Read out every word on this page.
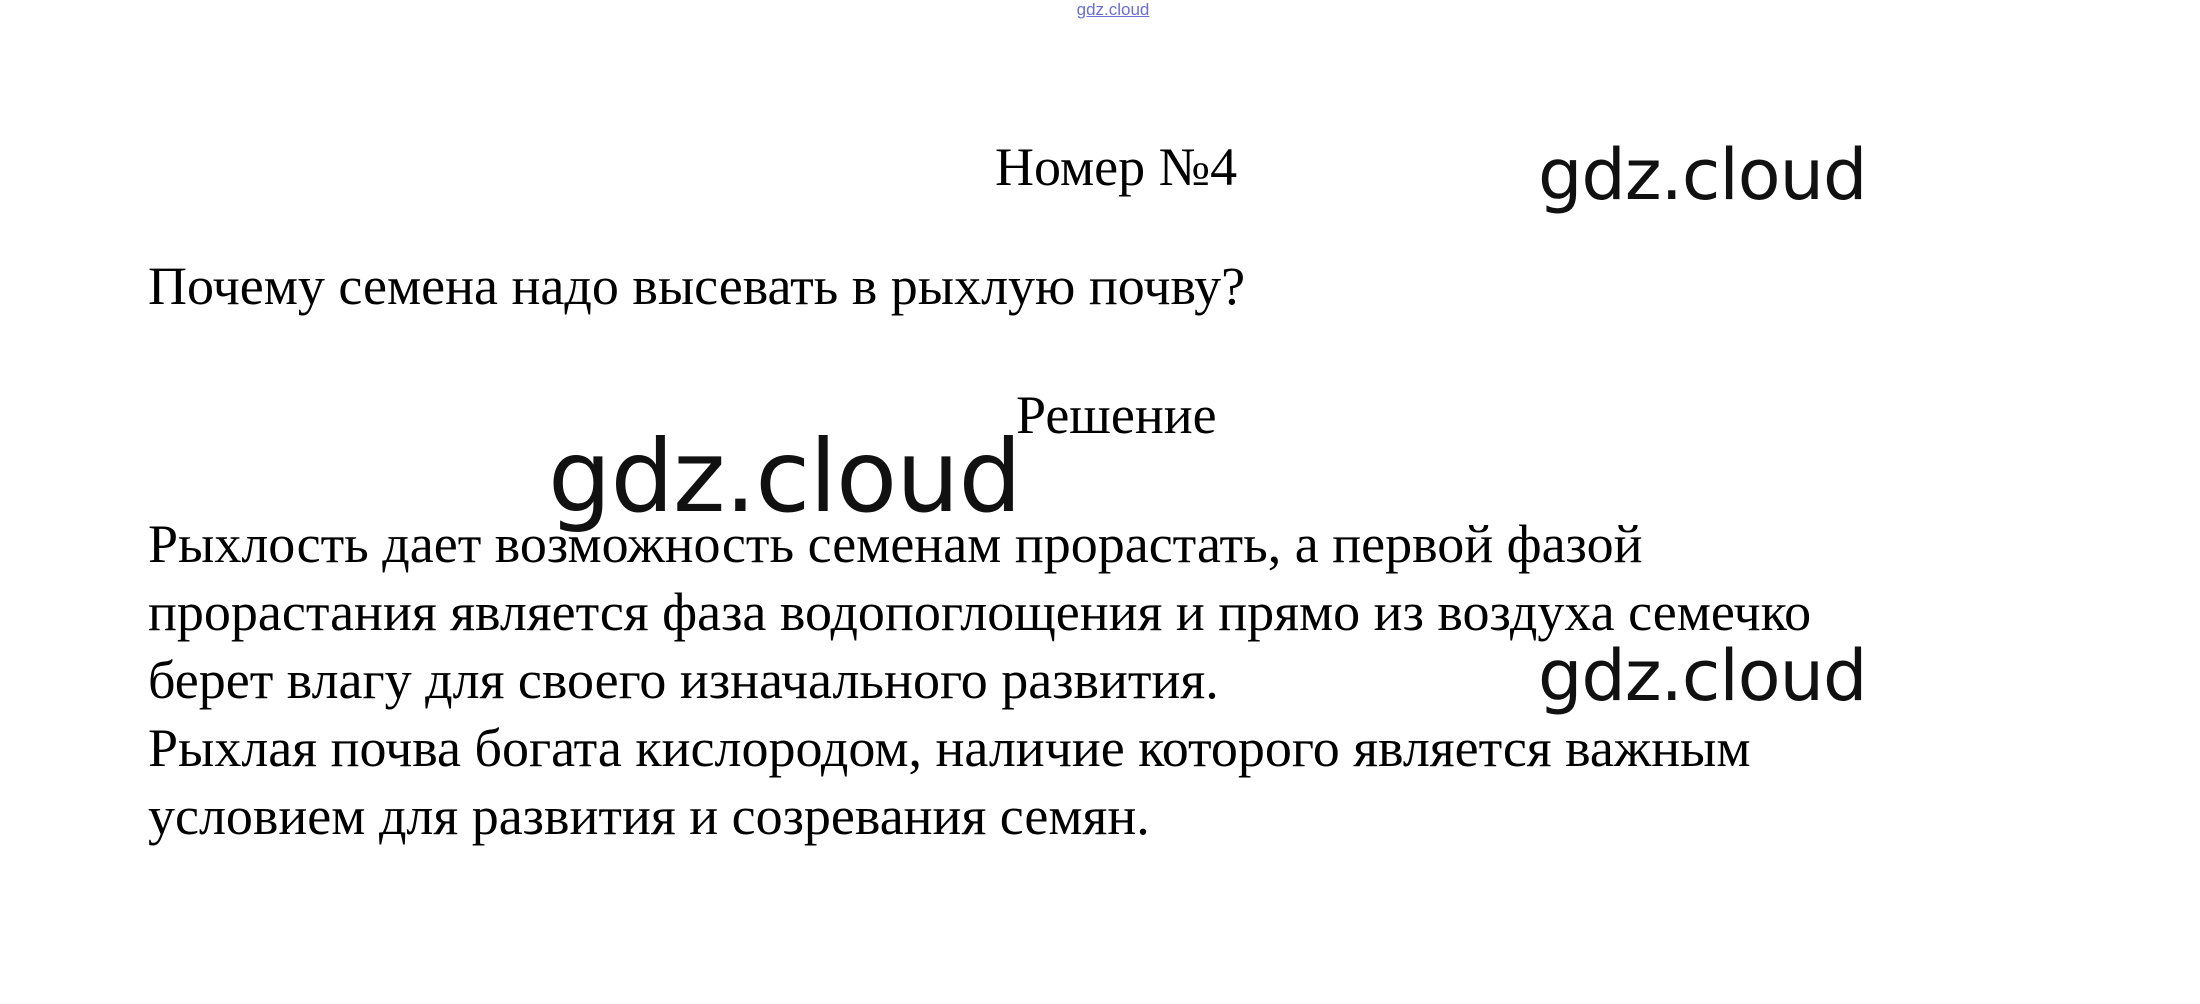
gdz.cloud
Номер №4	gdz.cloud
Почему семена надо высевать в рыхлую почву?
Решение
gdz.cloud
Рыхлость дает возможность семенам прорастать, а первой фазой
прорастания является фаза водопоглощения и прямо из воздуха семечко
берет влагу для своего изначального развития.
Рыхлая почва богата кислородом, наличие которого является важным
условием для развития и созревания семян.
gdz.cloud
